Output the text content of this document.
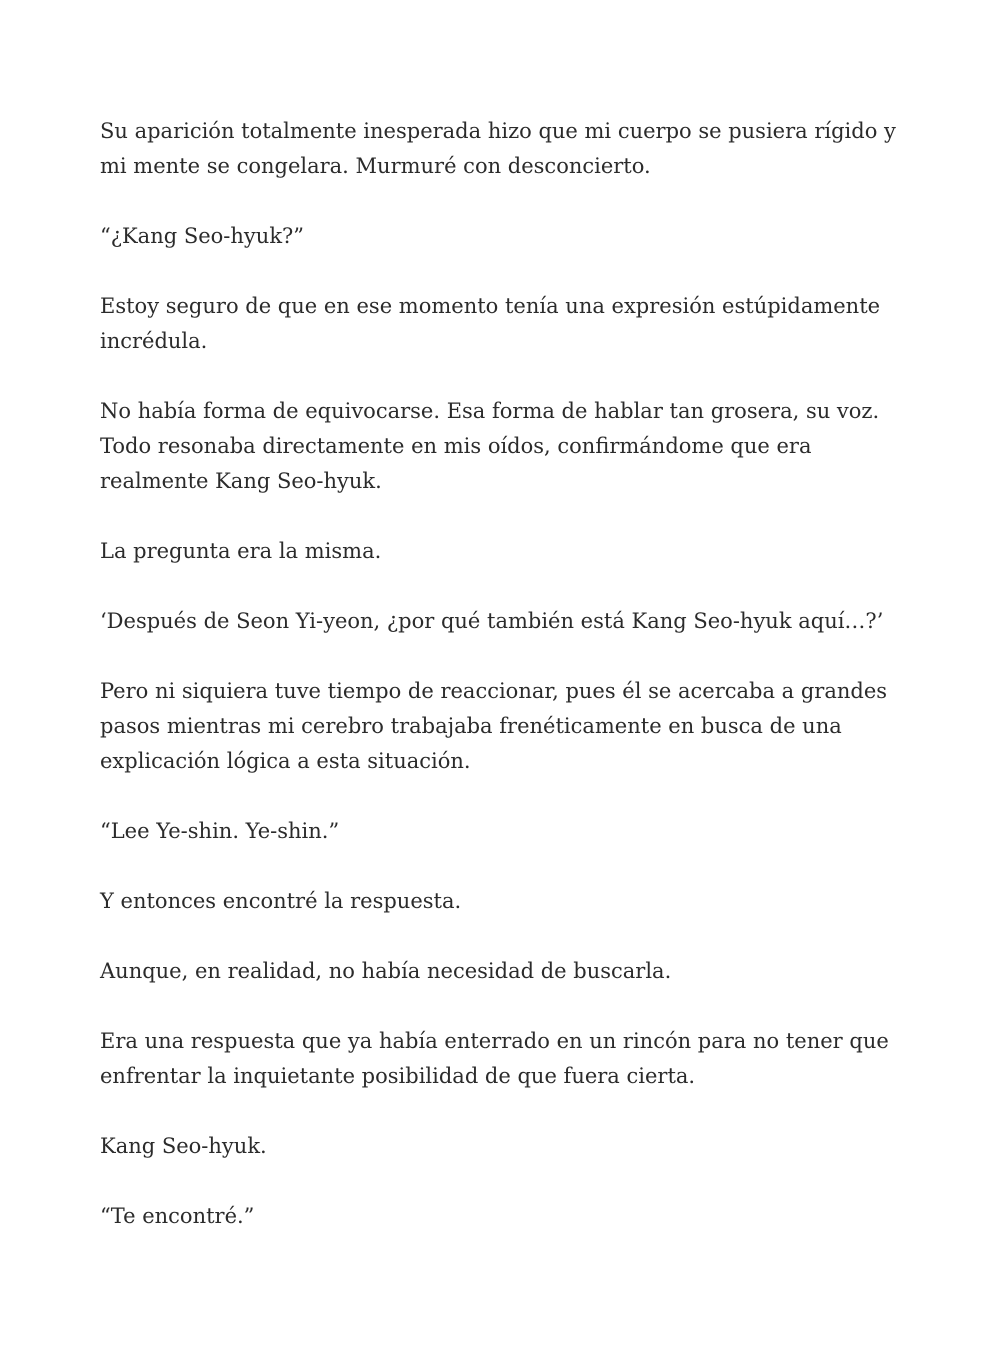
Su aparición totalmente inesperada hizo que mi cuerpo se pusiera rígido y mi mente se congelara. Murmuré con desconcierto.

“¿Kang Seo-hyuk?”

Estoy seguro de que en ese momento tenía una expresión estúpidamente incrédula.

No había forma de equivocarse. Esa forma de hablar tan grosera, su voz. Todo resonaba directamente en mis oídos, confirmándome que era realmente Kang Seo-hyuk.

La pregunta era la misma.

‘Después de Seon Yi-yeon, ¿por qué también está Kang Seo-hyuk aquí…?’

Pero ni siquiera tuve tiempo de reaccionar, pues él se acercaba a grandes pasos mientras mi cerebro trabajaba frenéticamente en busca de una explicación lógica a esta situación.

“Lee Ye-shin. Ye-shin.”

Y entonces encontré la respuesta.

Aunque, en realidad, no había necesidad de buscarla.

Era una respuesta que ya había enterrado en un rincón para no tener que enfrentar la inquietante posibilidad de que fuera cierta.

Kang Seo-hyuk.

“Te encontré.”
